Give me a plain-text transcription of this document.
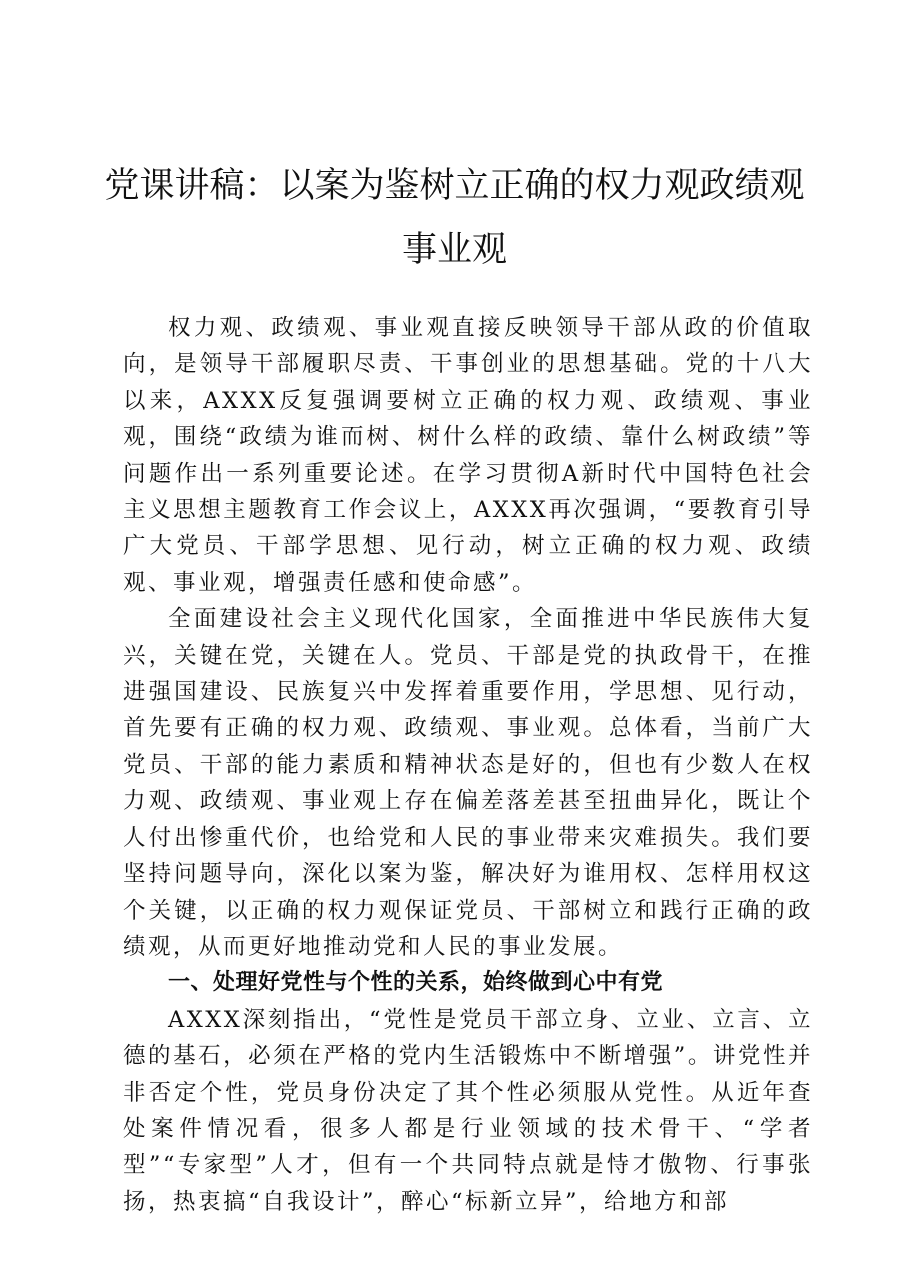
党课讲稿：以案为鉴树立正确的权力观政绩观
事业观

权力观、政绩观、事业观直接反映领导干部从政的价值取向，是领导干部履职尽责、干事创业的思想基础。党的十八大以来，AXXX反复强调要树立正确的权力观、政绩观、事业观，围绕“政绩为谁而树、树什么样的政绩、靠什么树政绩”等问题作出一系列重要论述。在学习贯彻A新时代中国特色社会主义思想主题教育工作会议上，AXXX再次强调，“要教育引导广大党员、干部学思想、见行动，树立正确的权力观、政绩观、事业观，增强责任感和使命感”。

全面建设社会主义现代化国家，全面推进中华民族伟大复兴，关键在党，关键在人。党员、干部是党的执政骨干，在推进强国建设、民族复兴中发挥着重要作用，学思想、见行动，首先要有正确的权力观、政绩观、事业观。总体看，当前广大党员、干部的能力素质和精神状态是好的，但也有少数人在权力观、政绩观、事业观上存在偏差落差甚至扭曲异化，既让个人付出惨重代价，也给党和人民的事业带来灾难损失。我们要坚持问题导向，深化以案为鉴，解决好为谁用权、怎样用权这个关键，以正确的权力观保证党员、干部树立和践行正确的政绩观，从而更好地推动党和人民的事业发展。

一、处理好党性与个性的关系，始终做到心中有党

AXXX深刻指出，“党性是党员干部立身、立业、立言、立德的基石，必须在严格的党内生活锻炼中不断增强”。讲党性并非否定个性，党员身份决定了其个性必须服从党性。从近年查处案件情况看，很多人都是行业领域的技术骨干、“学者型”“专家型”人才，但有一个共同特点就是恃才傲物、行事张扬，热衷搞“自我设计”，醉心“标新立异”，给地方和部
